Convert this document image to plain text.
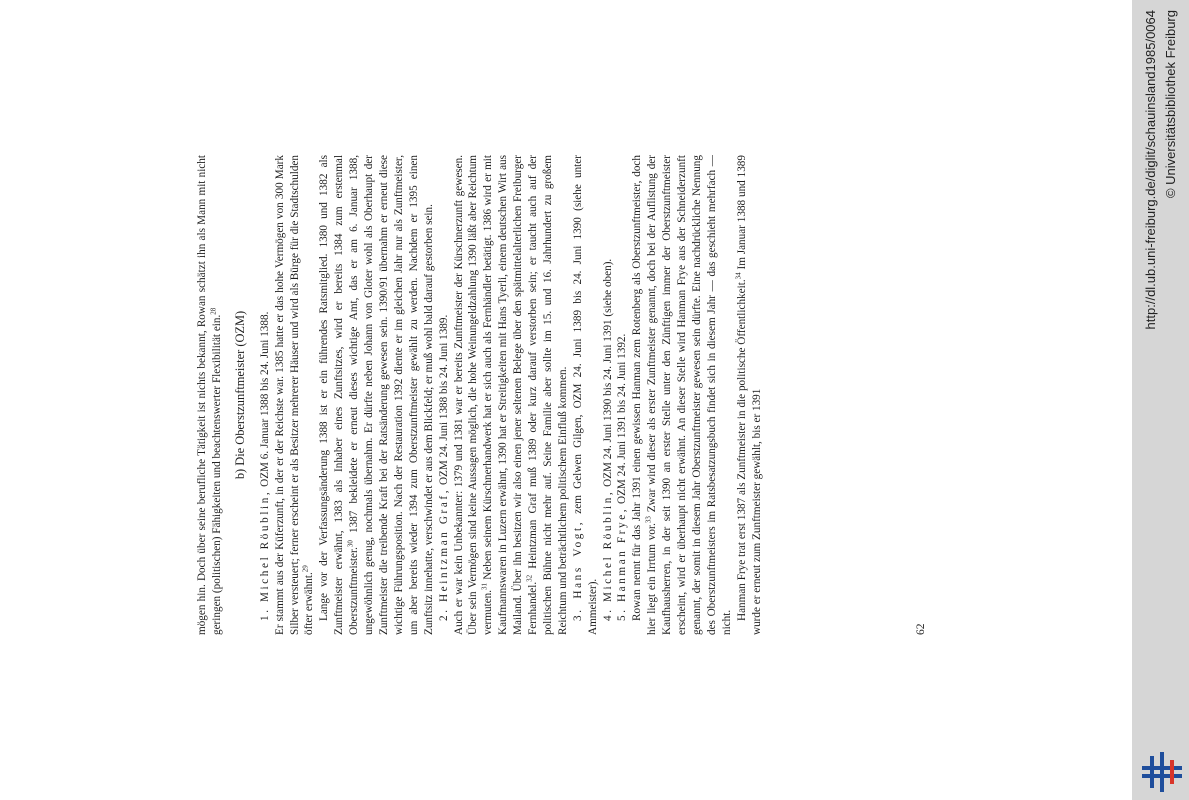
mögen hin. Doch über seine berufliche Tätigkeit ist nichts bekannt, Rowan schätzt ihn als Mann mit nicht geringen (politischen) Fähigkeiten und beachtenswerter Flexibilität ein.$^{28}$	b) Die Oberstzunftmeister (OZM)

1. Michel Röublin, OZM 6. Januar 1388 bis 24. Juni 1388. Er stammt aus der Küferzunft, in der er der Reichste war. 1385 hatte er das hohe Vermögen von 300 Mark Silber versteuert; ferner erscheint er als Besitzer mehrerer Häuser und wird als Bürge für die Stadtschulden öfter erwähnt.$^{29}$ Lange vor der Verfassungsänderung 1388 ist er ein führendes Ratsmitglied. 1380 und 1382 als Zunftmeister erwähnt, 1383 als Inhaber eines Zunftsitzes, wird er bereits 1384 zum erstenmal Oberstzunftmeister.$^{30}$ 1387 bekleidete er erneut dieses wichtige Amt, das er am 6. Januar 1388, ungewöhnlich genug, nochmals übernahm. Er dürfte neben Johann von Gloter wohl als Oberhaupt der Zunftmeister die treibende Kraft bei der Ratsänderung gewesen sein. 1390/91 übernahm er erneut diese wichtige Führungsposition. Nach der Restauration 1392 diente er im gleichen Jahr nur als Zunftmeister, um aber bereits wieder 1394 zum Oberstzunftmeister gewählt zu werden. Nachdem er 1395 einen Zunftsitz innehatte, verschwindet er aus dem Blickfeld; er muß wohl bald darauf gestorben sein. 2. Heintzman Graf, OZM 24. Juni 1388 bis 24. Juni 1389. Auch er war kein Unbekannter: 1379 und 1381 war er bereits Zunftmeister der Kürschnerzunft gewesen. Über sein Vermögen sind keine Aussagen möglich, die hohe Weinungeldzahlung 1390 läßt aber Reichtum vermuten.$^{31}$ Neben seinem Kürschnerhandwerk hat er sich auch als Fernhändler betätigt. 1386 wird er mit Kaufmannswaren in Luzern erwähnt, 1390 hat er Streitigkeiten mit Hans Tyerli, einem deutschen Wirt aus Mailand. Über ihn besitzen wir also einen jener seltenen Belege über den spätmittelalterlichen Freiburger Fernhandel.$^{32}$ Heintzman Graf muß 1389 oder kurz darauf verstorben sein; er taucht auch auf der politischen Bühne nicht mehr auf. Seine Familie aber sollte im 15. und 16. Jahrhundert zu großem Reichtum und beträchtlichem politischem Einfluß kommen. 3. Hans Vogt, zem Gelwen Gilgen, OZM 24. Juni 1389 bis 24. Juni 1390 (siehe unter Ammeister). 4. Michel Röublin, OZM 24. Juni 1390 bis 24. Juni 1391 (siehe oben).

5. Hanman Frye, OZM 24. Juni 1391 bis 24. Juni 1392. Rowan nennt für das Jahr 1391 einen gewissen Hanman zem Rotenberg als Oberstzunftmeister, doch hier liegt ein Irrtum vor.$^{33}$ Zwar wird dieser als erster Zunftmeister genannt, doch bei der Auflistung der Kaufhausherren, in der seit 1390 an erster Stelle unter den Zünftigen immer der Oberstzunftmeister erscheint, wird er überhaupt nicht erwähnt. An dieser Stelle wird Hanman Frye aus der Schneiderzunft genannt, der somit in diesem Jahr Oberstzunftmeister gewesen sein dürfte. Eine nachdrückliche Nennung des Oberstzunftmeisters im Ratsbesatzungsbuch findet sich in diesem Jahr — das geschieht mehrfach — nicht.

Hanman Frye trat erst 1387 als Zunftmeister in die politische Öffentlichkeit.$^{34}$ Im Januar 1388 und 1389 wurde er erneut zum Zunftmeister gewählt, bis er 1391	62
http://dl.ub.uni-freiburg.de/diglit/schauinsland1985/0064 © Universitätsbibliothek Freiburg
